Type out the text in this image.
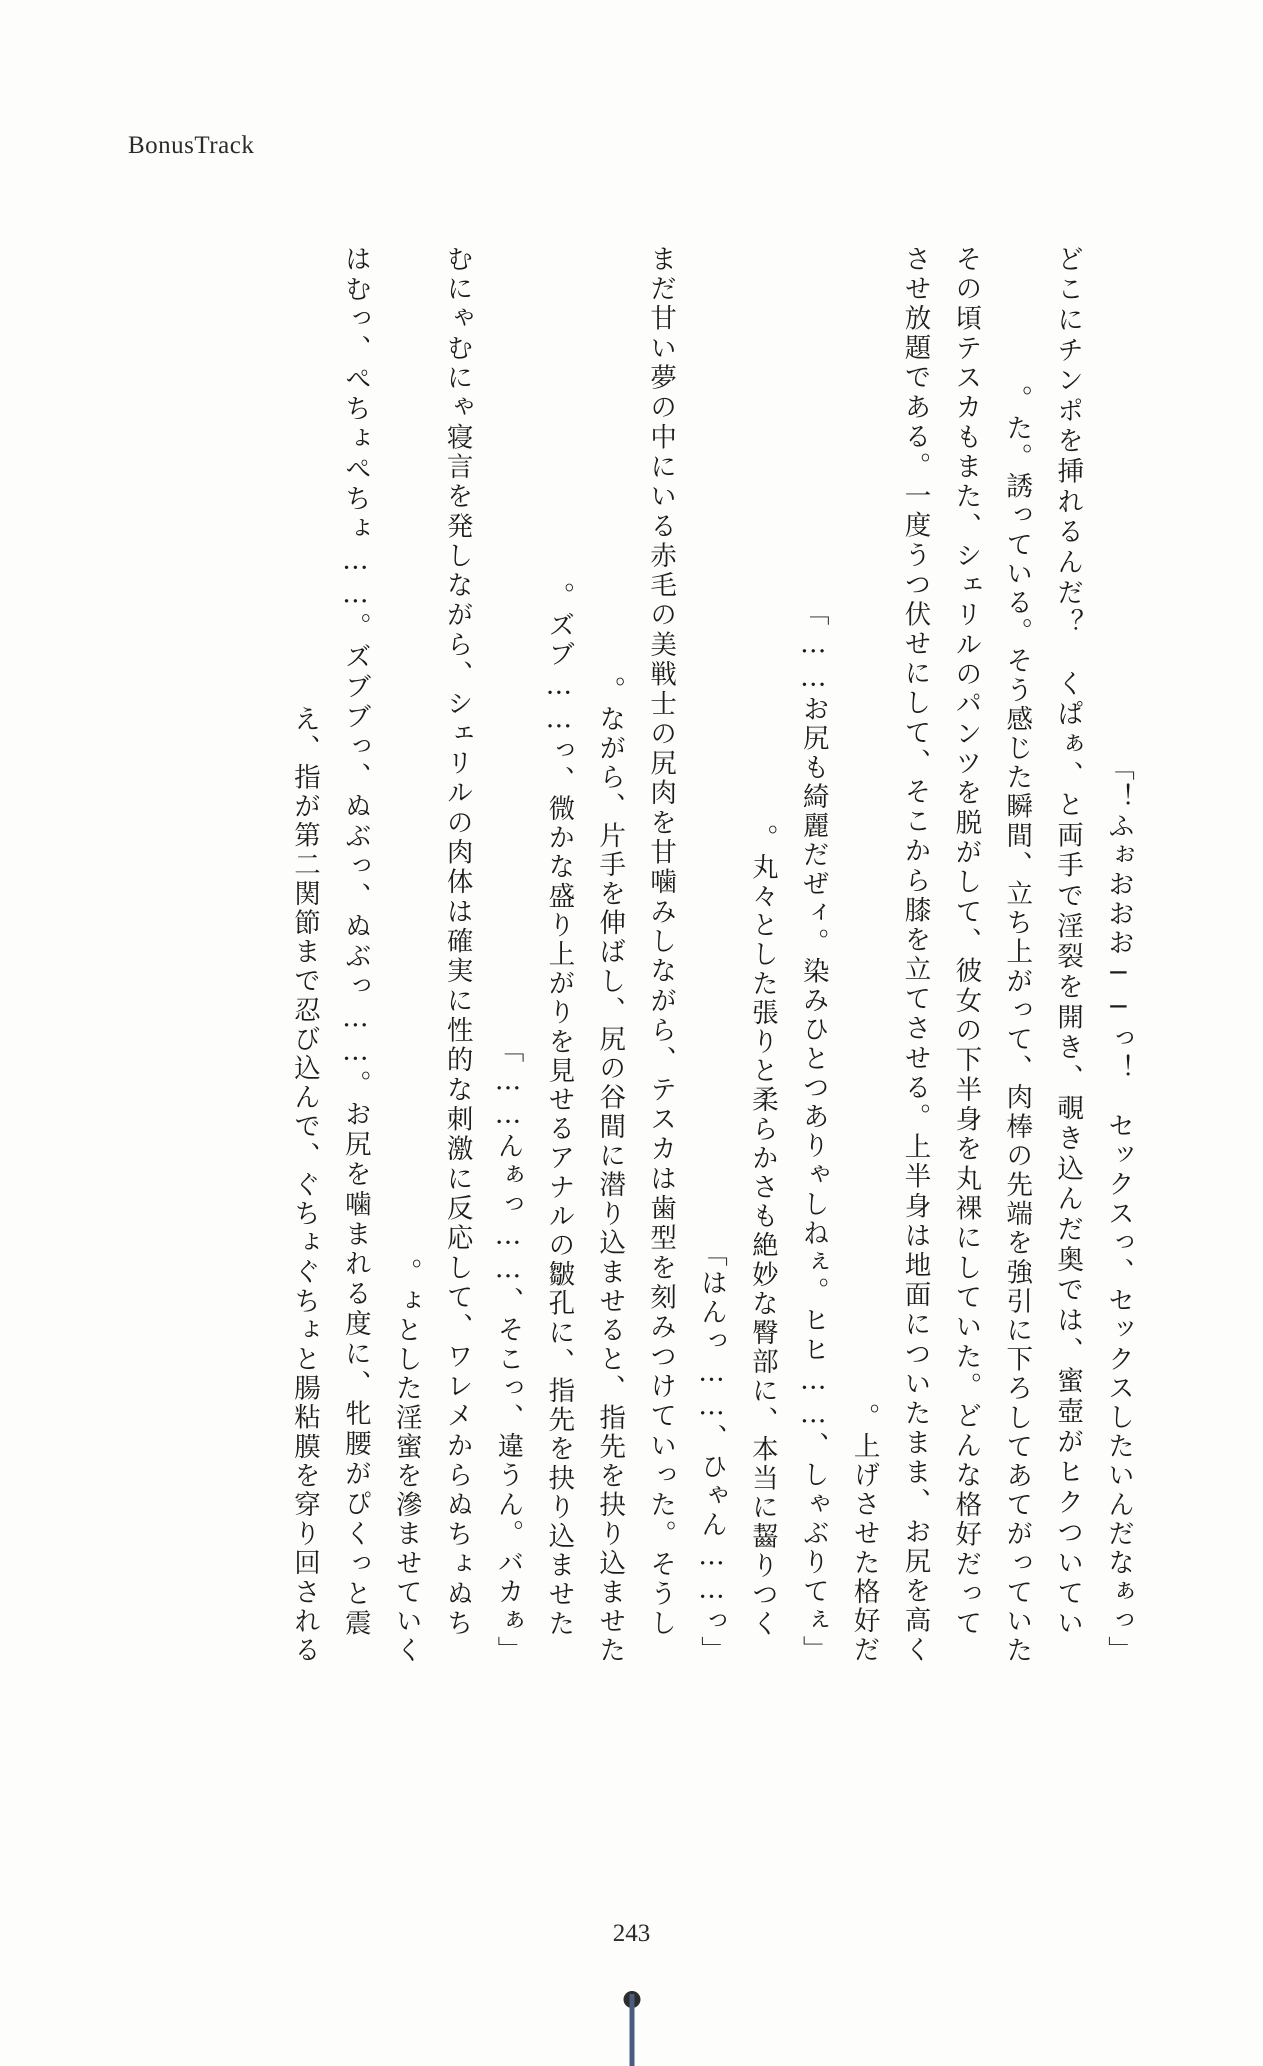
BonusTrack

「ふぉおおお──っ！　セックスっ、セックスしたいんだなぁっ！」

どこにチンポを挿れるんだ？　くぱぁ、と両手で淫裂を開き、覗き込んだ奥では、蜜壺がヒクついていた。誘っている。そう感じた瞬間、立ち上がって、肉棒の先端を強引に下ろしてあてがっていた。

その頃テスカもまた、シェリルのパンツを脱がして、彼女の下半身を丸裸にしていた。どんな格好だってさせ放題である。一度うつ伏せにして、そこから膝を立てさせる。上半身は地面についたまま、お尻を高く上げさせた格好だ。

「お尻も綺麗だぜィ。染みひとつありゃしねぇ。ヒヒ……、しゃぶりてぇ……」

丸々とした張りと柔らかさも絶妙な臀部に、本当に齧りつく。

「はんっ……、ひゃん……っ」

まだ甘い夢の中にいる赤毛の美戦士の尻肉を甘噛みしながら、テスカは歯型を刻みつけていった。そうしながら、片手を伸ばし、尻の谷間に潜り込ませると、指先を抉り込ませた。

ズブ……っ、微かな盛り上がりを見せるアナルの皺孔に、指先を抉り込ませた。

「んぁっ……、そこっ、違うん。バカぁ……」

むにゃむにゃ寝言を発しながら、シェリルの肉体は確実に性的な刺激に反応して、ワレメからぬちょぬちょとした淫蜜を滲ませていく。

はむっ、ぺちょぺちょ……。ズブブっ、ぬぶっ、ぬぶっ……。お尻を噛まれる度に、牝腰がぴくっと震え、指が第二関節まで忍び込んで、ぐちょぐちょと腸粘膜を穿り回される

243
